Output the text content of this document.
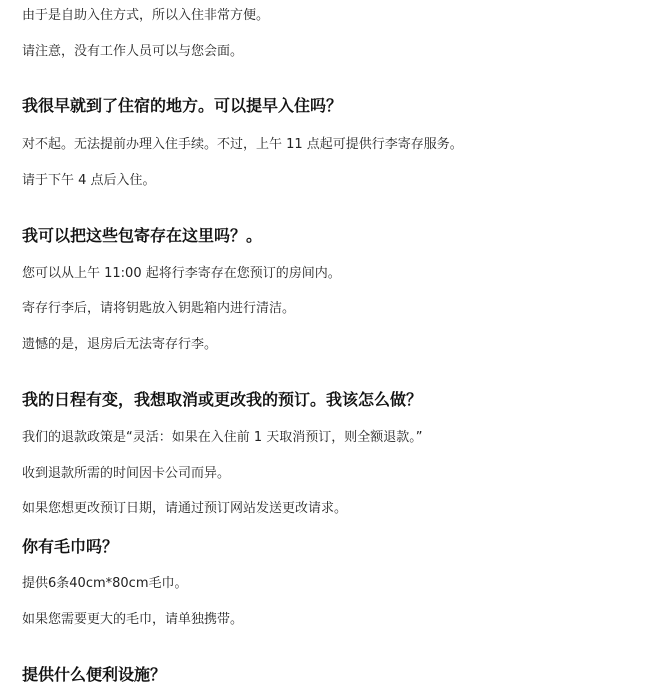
由于是自助入住方式，所以入住非常方便。
请注意，没有工作人员可以与您会面。
我很早就到了住宿的地方。可以提早入住吗？
对不起。无法提前办理入住手续。不过，上午 11 点起可提供行李寄存服务。
请于下午 4 点后入住。
我可以把这些包寄存在这里吗？。
您可以从上午 11:00 起将行李寄存在您预订的房间内。
寄存行李后，请将钥匙放入钥匙箱内进行清洁。
遗憾的是，退房后无法寄存行李。
我的日程有变，我想取消或更改我的预订。我该怎么做？
我们的退款政策是“灵活：如果在入住前 1 天取消预订，则全额退款。”
收到退款所需的时间因卡公司而异。
如果您想更改预订日期，请通过预订网站发送更改请求。
你有毛巾吗？
提供6条40cm*80cm毛巾。
如果您需要更大的毛巾，请单独携带。
提供什么便利设施？
